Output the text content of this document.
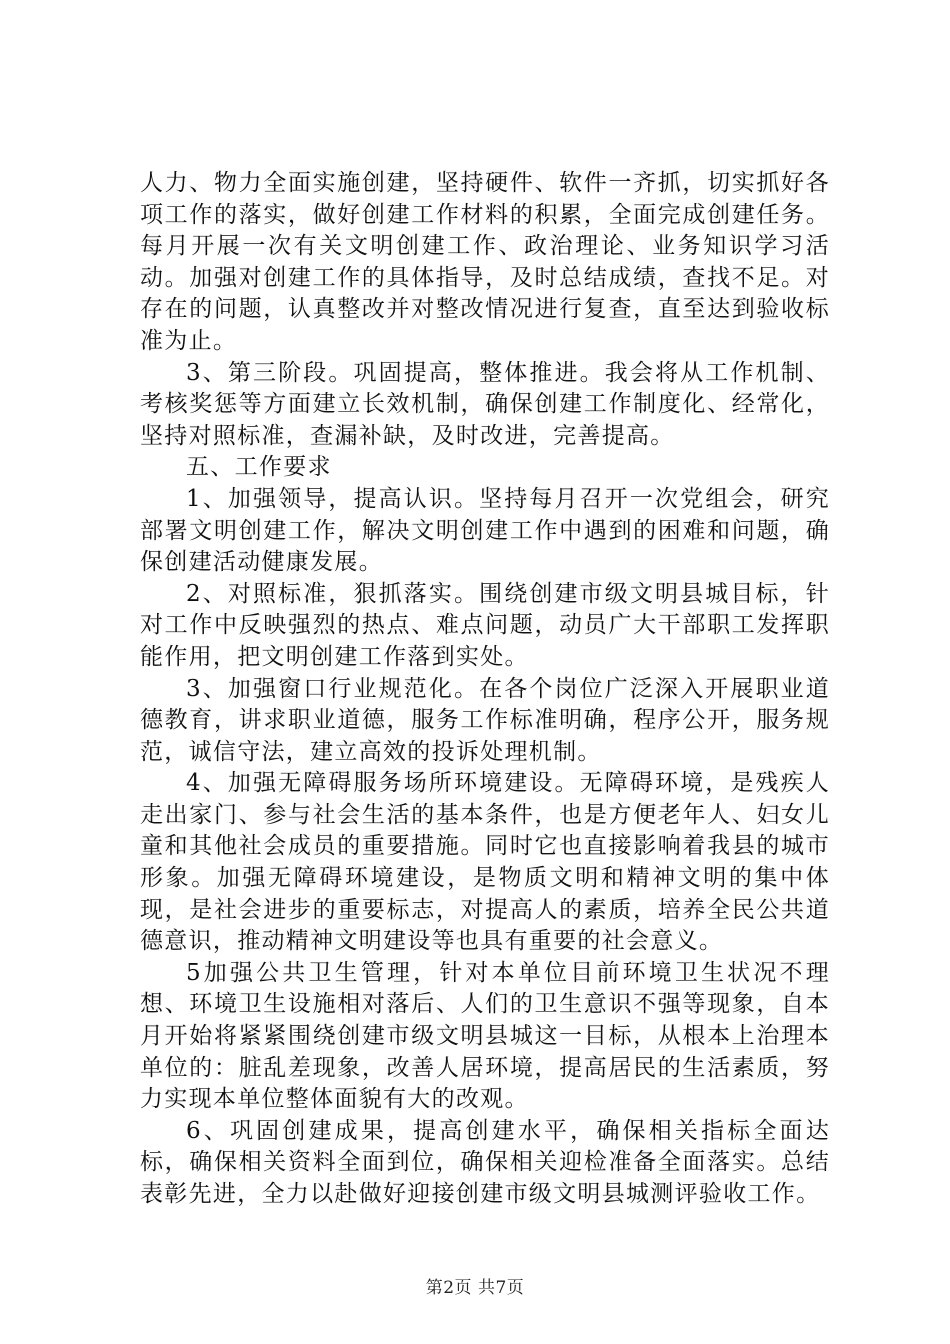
人力、物力全面实施创建，坚持硬件、软件一齐抓，切实抓好各项工作的落实，做好创建工作材料的积累，全面完成创建任务。每月开展一次有关文明创建工作、政治理论、业务知识学习活动。加强对创建工作的具体指导，及时总结成绩，查找不足。对存在的问题，认真整改并对整改情况进行复查，直至达到验收标准为止。

3、第三阶段。巩固提高，整体推进。我会将从工作机制、考核奖惩等方面建立长效机制，确保创建工作制度化、经常化，坚持对照标准，查漏补缺，及时改进，完善提高。

五、工作要求

1、加强领导，提高认识。坚持每月召开一次党组会，研究部署文明创建工作，解决文明创建工作中遇到的困难和问题，确保创建活动健康发展。

2、对照标准，狠抓落实。围绕创建市级文明县城目标，针对工作中反映强烈的热点、难点问题，动员广大干部职工发挥职能作用，把文明创建工作落到实处。

3、加强窗口行业规范化。在各个岗位广泛深入开展职业道德教育，讲求职业道德，服务工作标准明确，程序公开，服务规范，诚信守法，建立高效的投诉处理机制。

4、加强无障碍服务场所环境建设。无障碍环境，是残疾人走出家门、参与社会生活的基本条件，也是方便老年人、妇女儿童和其他社会成员的重要措施。同时它也直接影响着我县的城市形象。加强无障碍环境建设，是物质文明和精神文明的集中体现，是社会进步的重要标志，对提高人的素质，培养全民公共道德意识，推动精神文明建设等也具有重要的社会意义。

5加强公共卫生管理，针对本单位目前环境卫生状况不理想、环境卫生设施相对落后、人们的卫生意识不强等现象，自本月开始将紧紧围绕创建市级文明县城这一目标，从根本上治理本单位的：脏乱差现象，改善人居环境，提高居民的生活素质，努力实现本单位整体面貌有大的改观。

6、巩固创建成果，提高创建水平，确保相关指标全面达标，确保相关资料全面到位，确保相关迎检准备全面落实。总结表彰先进，全力以赴做好迎接创建市级文明县城测评验收工作。

第2页 共7页
